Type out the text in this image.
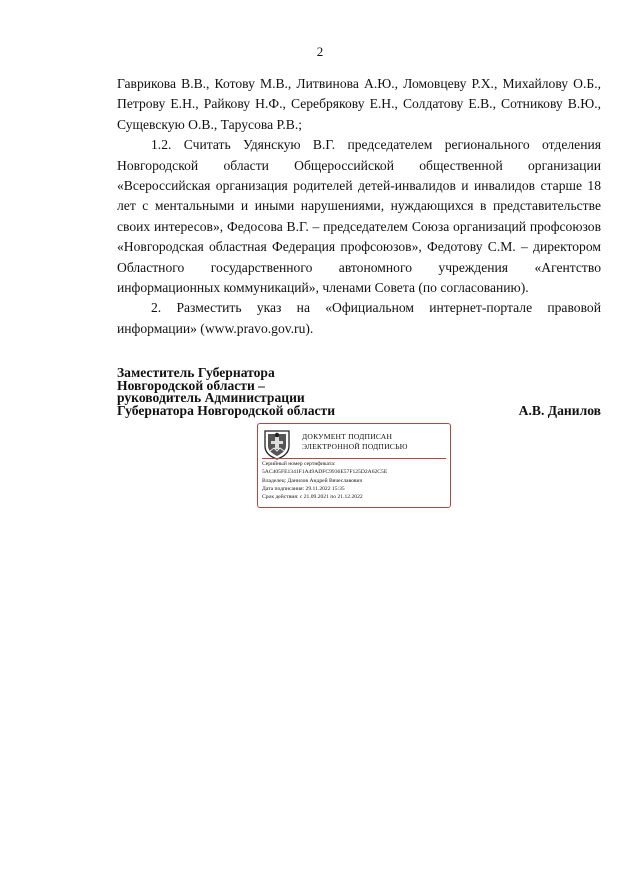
2

Гаврикова В.В., Котову М.В., Литвинова А.Ю., Ломовцеву Р.Х., Михайлову О.Б., Петрову Е.Н., Райкову Н.Ф., Серебрякову Е.Н., Солдатову Е.В., Сотникову В.Ю., Сущевскую О.В., Тарусова Р.В.;

1.2. Считать Удянскую В.Г. председателем регионального отделения Новгородской области Общероссийской общественной организации «Всероссийская организация родителей детей-инвалидов и инвалидов старше 18 лет с ментальными и иными нарушениями, нуждающихся в представительстве своих интересов», Федосова В.Г. – председателем Союза организаций профсоюзов «Новгородская областная Федерация профсоюзов», Федотову С.М. – директором Областного государственного автономного учреждения «Агентство информационных коммуникаций», членами Совета (по согласованию).

2. Разместить указ на «Официальном интернет-портале правовой информации» (www.pravo.gov.ru).

Заместитель Губернатора
Новгородской области –
руководитель Администрации
Губернатора Новгородской области	А.В. Данилов
ДОКУМЕНТ ПОДПИСАН
ЭЛЕКТРОННОЙ ПОДПИСЬЮ
Серийный номер сертификата:
5AC405FE1341F1A49ADFC9936E57F125D2A62C5E
Владелец: Данилов Андрей Вячеславович
Дата подписания: 29.11.2022 15:35
Срок действия: с 21.09.2021 по 21.12.2022
